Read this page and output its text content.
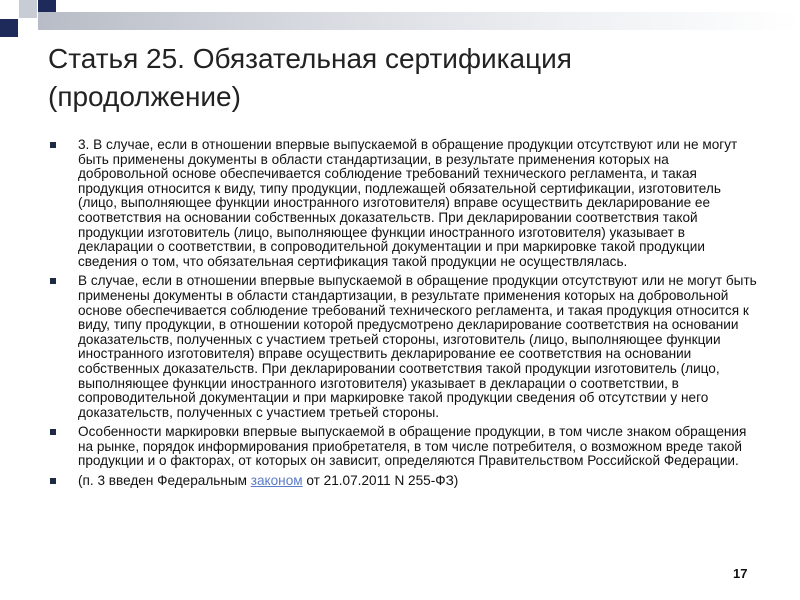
Статья 25. Обязательная сертификация (продолжение)
3. В случае, если в отношении впервые выпускаемой в обращение продукции отсутствуют или не могут быть применены документы в области стандартизации, в результате применения которых на добровольной основе обеспечивается соблюдение требований технического регламента, и такая продукция относится к виду, типу продукции, подлежащей обязательной сертификации, изготовитель (лицо, выполняющее функции иностранного изготовителя) вправе осуществить декларирование ее соответствия на основании собственных доказательств. При декларировании соответствия такой продукции изготовитель (лицо, выполняющее функции иностранного изготовителя) указывает в декларации о соответствии, в сопроводительной документации и при маркировке такой продукции сведения о том, что обязательная сертификация такой продукции не осуществлялась.
В случае, если в отношении впервые выпускаемой в обращение продукции отсутствуют или не могут быть применены документы в области стандартизации, в результате применения которых на добровольной основе обеспечивается соблюдение требований технического регламента, и такая продукция относится к виду, типу продукции, в отношении которой предусмотрено декларирование соответствия на основании доказательств, полученных с участием третьей стороны, изготовитель (лицо, выполняющее функции иностранного изготовителя) вправе осуществить декларирование ее соответствия на основании собственных доказательств. При декларировании соответствия такой продукции изготовитель (лицо, выполняющее функции иностранного изготовителя) указывает в декларации о соответствии, в сопроводительной документации и при маркировке такой продукции сведения об отсутствии у него доказательств, полученных с участием третьей стороны.
Особенности маркировки впервые выпускаемой в обращение продукции, в том числе знаком обращения на рынке, порядок информирования приобретателя, в том числе потребителя, о возможном вреде такой продукции и о факторах, от которых он зависит, определяются Правительством Российской Федерации.
(п. 3 введен Федеральным законом от 21.07.2011 N 255-ФЗ)
17
